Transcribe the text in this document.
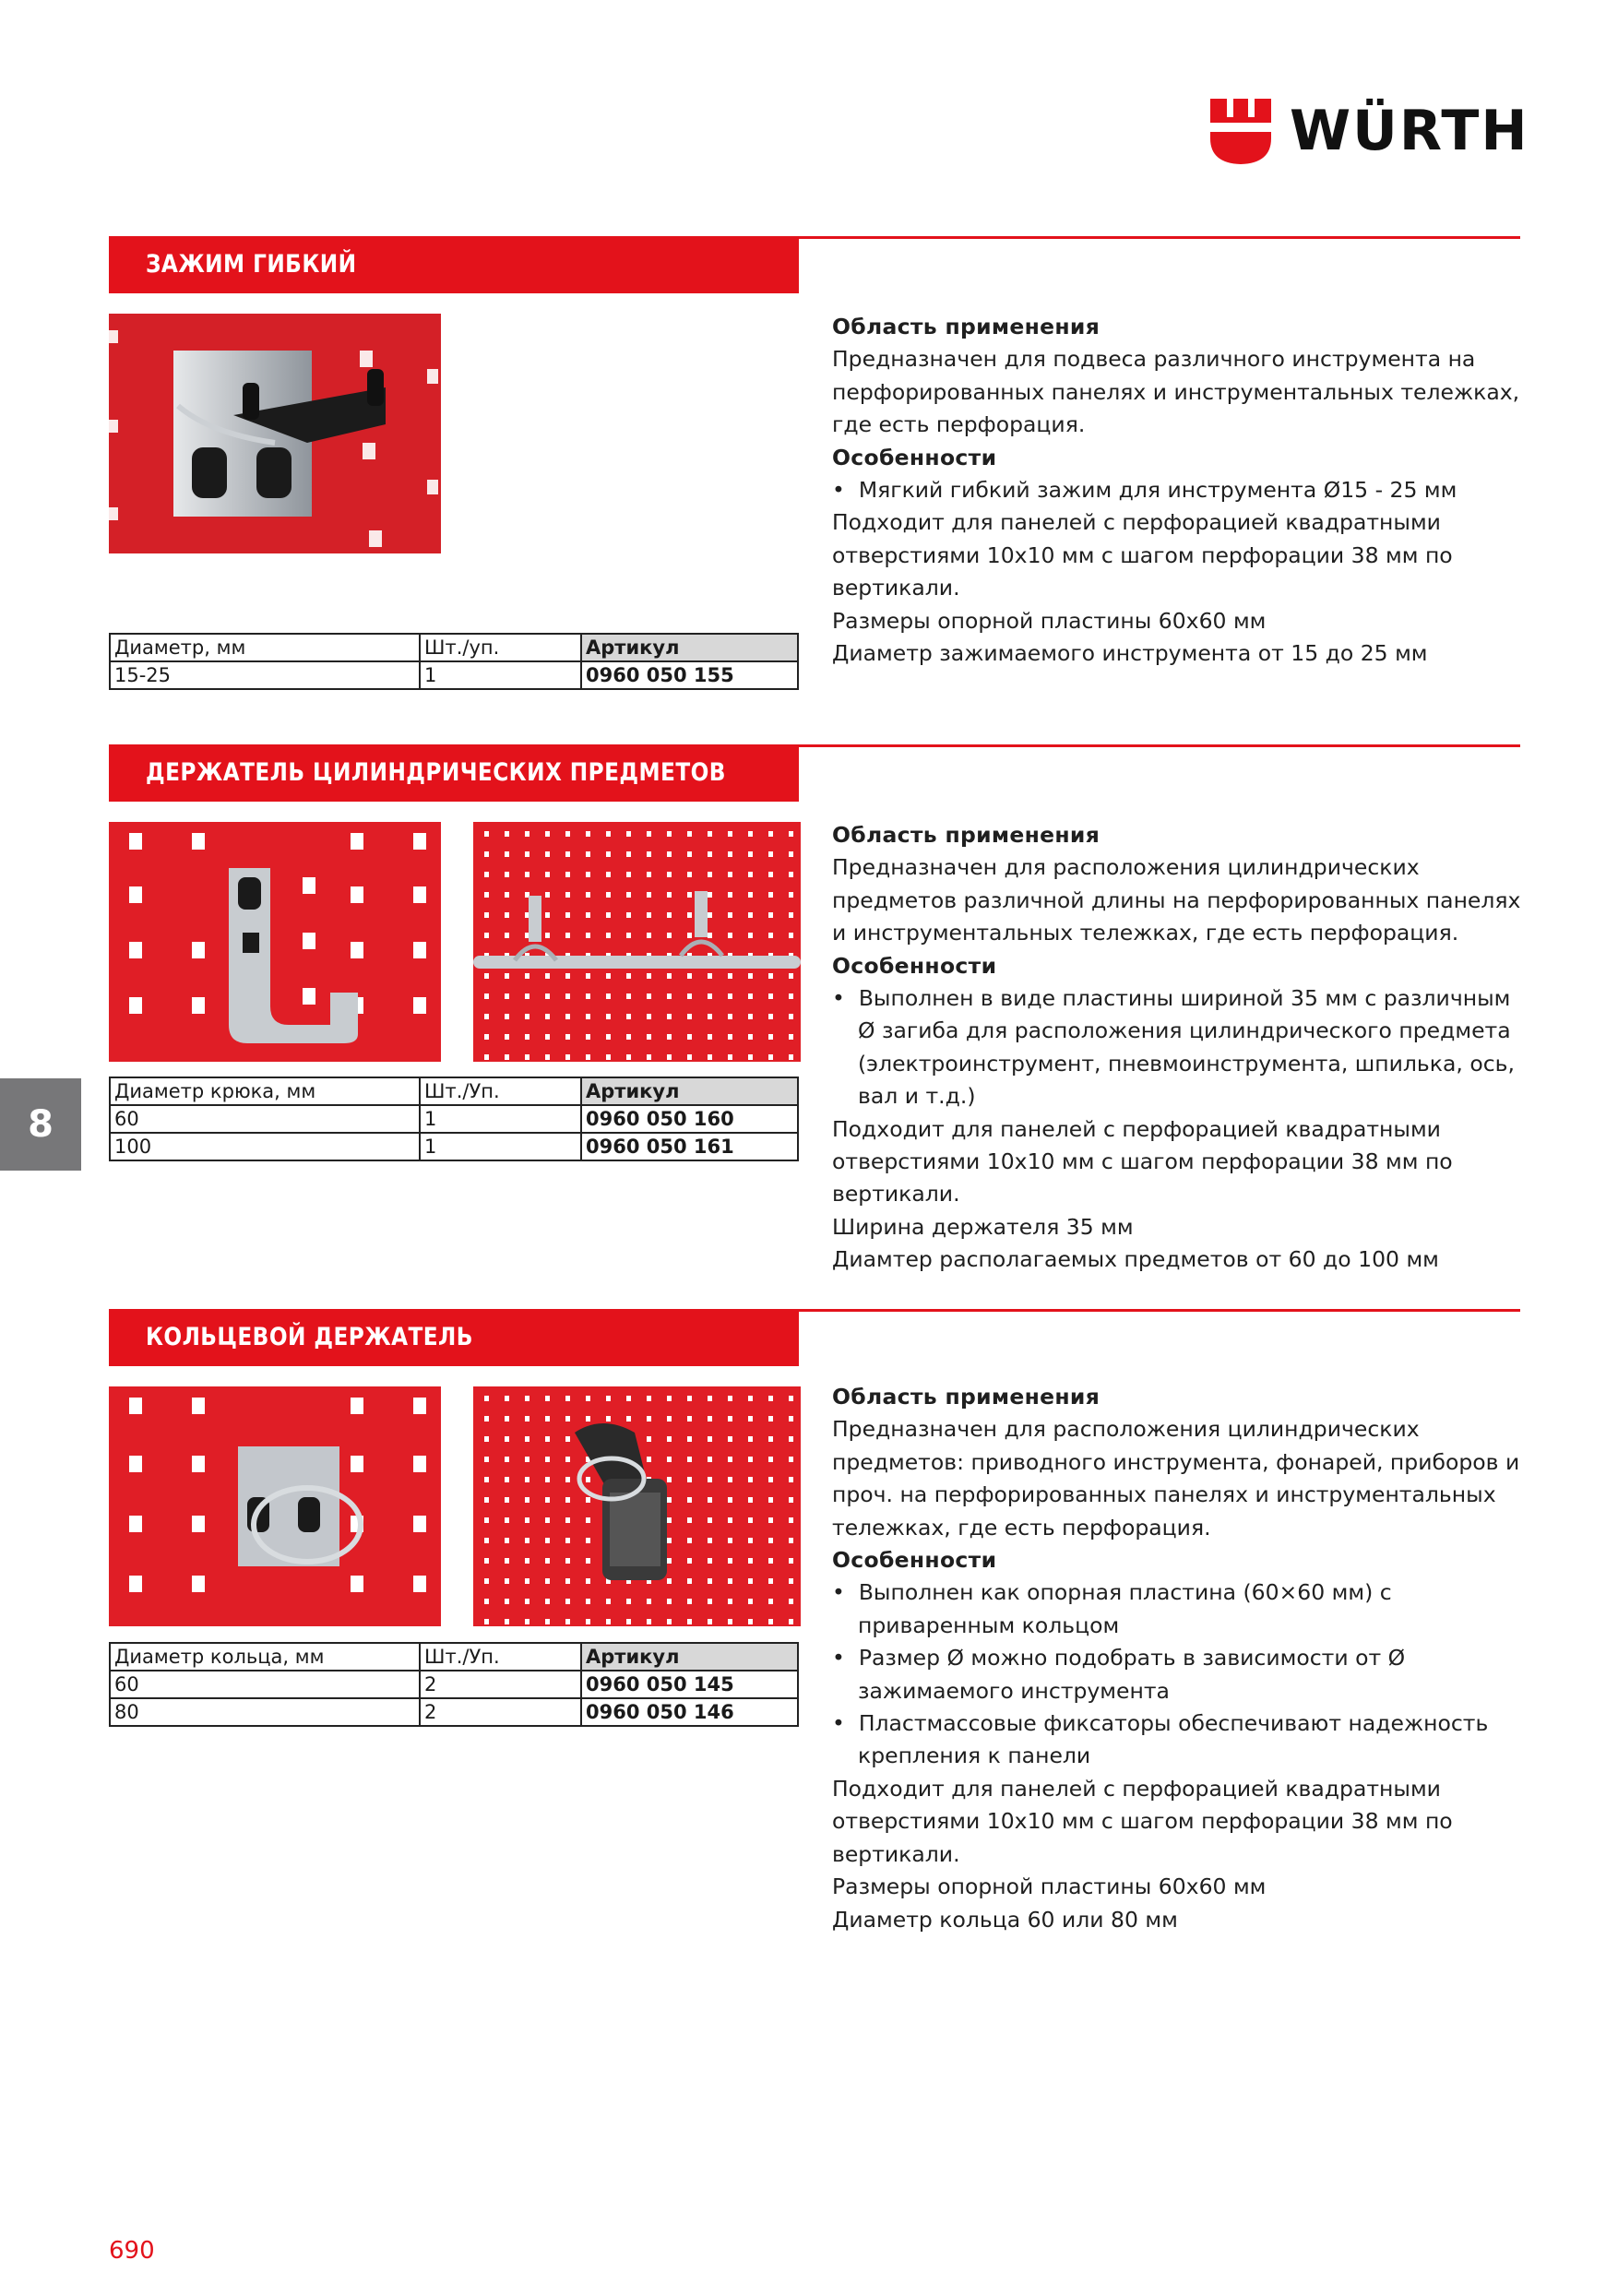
WÜRTH
ЗАЖИМ ГИБКИЙ
Диаметр, мм	Шт./уп.	Артикул
15-25	1	0960 050 155

Область применения

Предназначен для подвеса различного инструмента на перфорированных панелях и инструментальных тележках, где есть перфорация.

Особенности

•  Мягкий гибкий зажим для инструмента Ø15 - 25 мм

Подходит для панелей с перфорацией квадратными отверстиями 10x10 мм с шагом перфорации 38 мм по вертикали.

Размеры опорной пластины 60x60 мм

Диаметр зажимаемого инструмента от 15 до 25 мм

ДЕРЖАТЕЛЬ ЦИЛИНДРИЧЕСКИХ ПРЕДМЕТОВ
Диаметр крюка, мм	Шт./Уп.	Артикул
60	1	0960 050 160
100	1	0960 050 161

Область применения

Предназначен для расположения цилиндрических предметов различной длины на перфорированных панелях и инструментальных тележках, где есть перфорация.

Особенности

•  Выполнен в виде пластины шириной 35 мм с различным Ø загиба для расположения цилиндрического предмета (электроинструмент, пневмоинструмента, шпилька, ось, вал и т.д.)

Подходит для панелей с перфорацией квадратными отверстиями 10x10 мм с шагом перфорации 38 мм по вертикали.

Ширина держателя 35 мм

Диамтер располагаемых предметов от 60 до 100 мм

КОЛЬЦЕВОЙ ДЕРЖАТЕЛЬ
Диаметр кольца, мм	Шт./Уп.	Артикул
60	2	0960 050 145
80	2	0960 050 146

Область применения

Предназначен для расположения цилиндрических предметов: приводного инструмента, фонарей, приборов и проч. на перфорированных панелях и инструментальных тележках, где есть перфорация.

Особенности

•  Выполнен как опорная пластина (60×60 мм) с приваренным кольцом

•  Размер Ø можно подобрать в зависимости от Ø зажимаемого инструмента

•  Пластмассовые фиксаторы обеспечивают надежность крепления к панели

Подходит для панелей с перфорацией квадратными отверстиями 10x10 мм с шагом перфорации 38 мм по вертикали.

Размеры опорной пластины 60x60 мм

Диаметр кольца 60 или 80 мм

8
690
